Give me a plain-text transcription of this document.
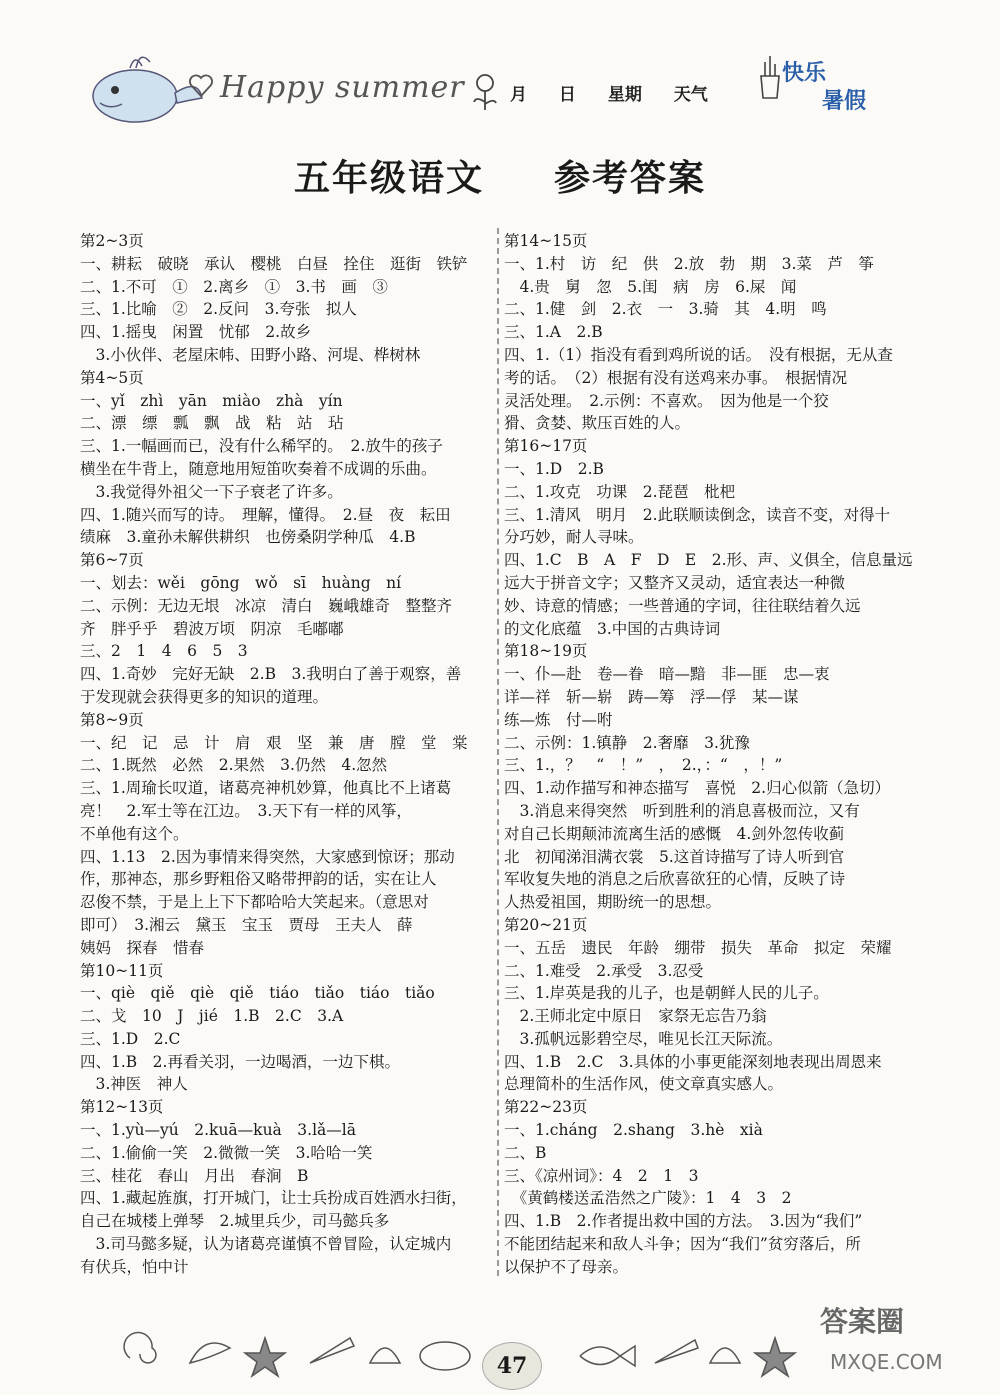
Happy summer	月 日 星期 天气
快乐
暑假
五年级语文 参考答案
第2~3页
一、耕耘　破晓　承认　樱桃　白昼　拴住　逛街　铁铲
二、1.不可　①　2.离乡　①　3.书　画　③
三、1.比喻　②　2.反问　3.夸张　拟人
四、1.摇曳　闲置　忧郁　2.故乡
　3.小伙伴、老屋床帏、田野小路、河堤、桦树林
第4~5页
一、yǐ　zhì　yān　miào　zhà　yín
二、漂　缥　瓢　飘　战　粘　站　玷
三、1.一幅画而已，没有什么稀罕的。　2.放牛的孩子
横坐在牛背上，随意地用短笛吹奏着不成调的乐曲。
　3.我觉得外祖父一下子衰老了许多。
四、1.随兴而写的诗。　理解，懂得。　2.昼　夜　耘田
绩麻　3.童孙未解供耕织　也傍桑阴学种瓜　4.B
第6~7页
一、划去：wěi　gōng　wǒ　sī　huàng　ní
二、示例：无边无垠　冰凉　清白　巍峨雄奇　整整齐
齐　胖乎乎　碧波万顷　阴凉　毛嘟嘟
三、2　1　4　6　5　3
四、1.奇妙　完好无缺　2.B　3.我明白了善于观察，善
于发现就会获得更多的知识的道理。
第8~9页
一、纪　记　忌　计　肩　艰　坚　兼　唐　膛　堂　棠
二、1.既然　必然　2.果然　3.仍然　4.忽然
三、1.周瑜长叹道，诸葛亮神机妙算，他真比不上诸葛
亮！　2.军士等在江边。　3.天下有一样的风筝，
不单他有这个。
四、1.13　2.因为事情来得突然，大家感到惊讶；那动
作，那神态，那乡野粗俗又略带押韵的话，实在让人
忍俊不禁，于是上上下下都哈哈大笑起来。（意思对
即可）　3.湘云　黛玉　宝玉　贾母　王夫人　薛
姨妈　探春　惜春
第10~11页
一、qiè　qiě　qiè　qiě　tiáo　tiǎo　tiáo　tiǎo
二、戈　10　J　jié　1.B　2.C　3.A
三、1.D　2.C
四、1.B　2.再看关羽，一边喝酒，一边下棋。
　3.神医　神人
第12~13页
一、1.yù—yú　2.kuā—kuà　3.lǎ—lā
二、1.偷偷一笑　2.微微一笑　3.哈哈一笑
三、桂花　春山　月出　春涧　B
四、1.藏起旌旗，打开城门，让士兵扮成百姓洒水扫街，
自己在城楼上弹琴　2.城里兵少，司马懿兵多
　3.司马懿多疑，认为诸葛亮谨慎不曾冒险，认定城内
有伏兵，怕中计
第14~15页
一、1.村　访　纪　供　2.放　勃　期　3.菜　芦　筝
　4.贵　舅　忽　5.闺　病　房　6.屎　闻
二、1.健　剑　2.衣　一　3.骑　其　4.明　鸣
三、1.A　2.B
四、1.（1）指没有看到鸡所说的话。　没有根据，无从查
考的话。　（2）根据有没有送鸡来办事。　根据情况
灵活处理。　2.示例：不喜欢。　因为他是一个狡
猾、贪婪、欺压百姓的人。
第16~17页
一、1.D　2.B
二、1.攻克　功课　2.琵琶　枇杷
三、1.清风　明月　2.此联顺读倒念，读音不变，对得十
分巧妙，耐人寻味。
四、1.C　B　A　F　D　E　2.形、声、义俱全，信息量远
远大于拼音文字；又整齐又灵动，适宜表达一种微
妙、诗意的情感；一些普通的字词，往往联结着久远
的文化底蕴　3.中国的古典诗词
第18~19页
一、仆—赴　卷—眷　暗—黯　非—匪　忠—衷
详—祥　斩—崭　踌—筹　浮—俘　某—谋
练—炼　付—咐
二、示例：1.镇静　2.奢靡　3.犹豫
三、1.，？　“　！”　，　2.，：“　，！”
四、1.动作描写和神态描写　喜悦　2.归心似箭（急切）
　3.消息来得突然　听到胜利的消息喜极而泣，又有
对自己长期颠沛流离生活的感慨　4.剑外忽传收蓟
北　初闻涕泪满衣裳　5.这首诗描写了诗人听到官
军收复失地的消息之后欣喜欲狂的心情，反映了诗
人热爱祖国，期盼统一的思想。
第20~21页
一、五岳　遗民　年龄　绷带　损失　革命　拟定　荣耀
二、1.难受　2.承受　3.忍受
三、1.岸英是我的儿子，也是朝鲜人民的儿子。
　2.王师北定中原日　家祭无忘告乃翁
　3.孤帆远影碧空尽，唯见长江天际流。
四、1.B　2.C　3.具体的小事更能深刻地表现出周恩来
总理简朴的生活作风，使文章真实感人。
第22~23页
一、1.cháng　2.shang　3.hè　xià
二、B
三、《凉州词》：4　2　1　3
　《黄鹤楼送孟浩然之广陵》：1　4　3　2
四、1.B　2.作者提出救中国的方法。　3.因为“我们”
不能团结起来和敌人斗争；因为“我们”贫穷落后，所
以保护不了母亲。
47
答案圈
MXQE.COM
